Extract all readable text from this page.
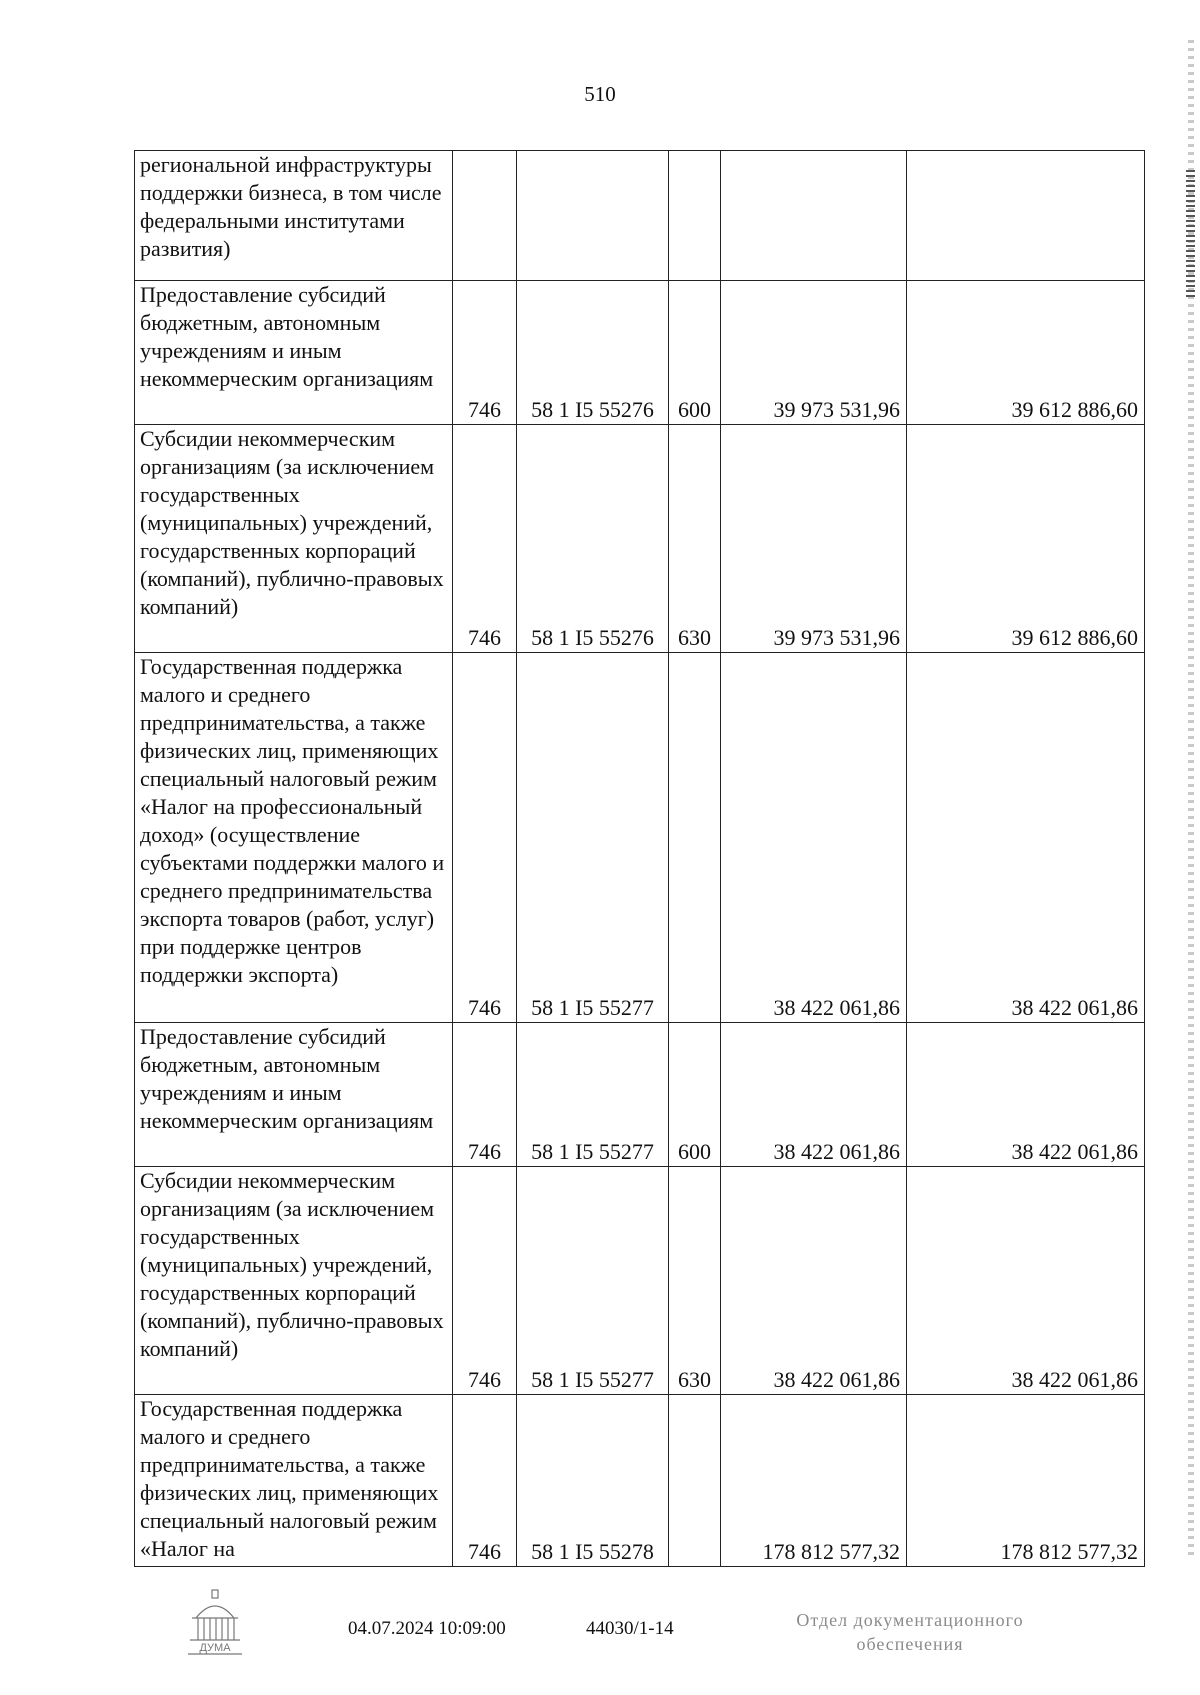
510
региональной инфраструктуры поддержки бизнеса, в том числе федеральными институтами развития)					
Предоставление субсидий бюджетным, автономным учреждениям и иным некоммерческим организациям	746	58 1 I5 55276	600	39 973 531,96	39 612 886,60
Субсидии некоммерческим организациям (за исключением государственных (муниципальных) учреждений, государственных корпораций (компаний), публично-правовых компаний)	746	58 1 I5 55276	630	39 973 531,96	39 612 886,60
Государственная поддержка малого и среднего предпринимательства, а также физических лиц, применяющих специальный налоговый режим «Налог на профессиональный доход» (осуществление субъектами поддержки малого и среднего предпринимательства экспорта товаров (работ, услуг) при поддержке центров поддержки экспорта)	746	58 1 I5 55277		38 422 061,86	38 422 061,86
Предоставление субсидий бюджетным, автономным учреждениям и иным некоммерческим организациям	746	58 1 I5 55277	600	38 422 061,86	38 422 061,86
Субсидии некоммерческим организациям (за исключением государственных (муниципальных) учреждений, государственных корпораций (компаний), публично-правовых компаний)	746	58 1 I5 55277	630	38 422 061,86	38 422 061,86
Государственная поддержка малого и среднего предпринимательства, а также физических лиц, применяющих специальный налоговый режим «Налог на	746	58 1 I5 55278		178 812 577,32	178 812 577,32
ДУМА
04.07.2024 10:09:00	44030/1-14	Отдел документационного
обеспечения
